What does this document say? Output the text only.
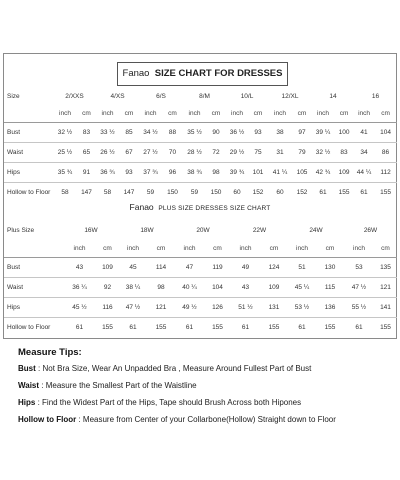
Fanao SIZE CHART FOR DRESSES
Size	2/XXS		4/XS		6/S		8/M		10/L		12/XL		14		16	
	inch	cm	inch	cm	inch	cm	inch	cm	inch	cm	inch	cm	inch	cm	inch	cm
Bust	32 ½	83	33 ½	85	34 ½	88	35 ½	90	36 ½	93	38	97	39 ¼	100	41	104
Waist	25 ½	65	26 ½	67	27 ½	70	28 ½	72	29 ½	75	31	79	32 ½	83	34	86
Hips	35 ¾	91	36 ¾	93	37 ¾	96	38 ¾	98	39 ¾	101	41 ¼	105	42 ¾	109	44 ¼	112
Hollow to Floor	58	147	58	147	59	150	59	150	60	152	60	152	61	155	61	155
Fanao PLUS SIZE DRESSES SIZE CHART
Plus Size	16W		18W		20W		22W		24W		26W	
	inch	cm	inch	cm	inch	cm	inch	cm	inch	cm	inch	cm
Bust	43	109	45	114	47	119	49	124	51	130	53	135
Waist	36 ¼	92	38 ¼	98	40 ¼	104	43	109	45 ¼	115	47 ½	121
Hips	45 ½	116	47 ½	121	49 ½	126	51 ½	131	53 ½	136	55 ½	141
Hollow to Floor	61	155	61	155	61	155	61	155	61	155	61	155
Measure Tips:

Bust : Not Bra Size, Wear An Unpadded Bra , Measure Around Fullest Part of Bust

Waist : Measure the Smallest Part of the Waistline

Hips : Find the Widest Part of the Hips, Tape should Brush Across both Hipones

Hollow to Floor : Measure from Center of your Collarbone(Hollow) Straight down to Floor
